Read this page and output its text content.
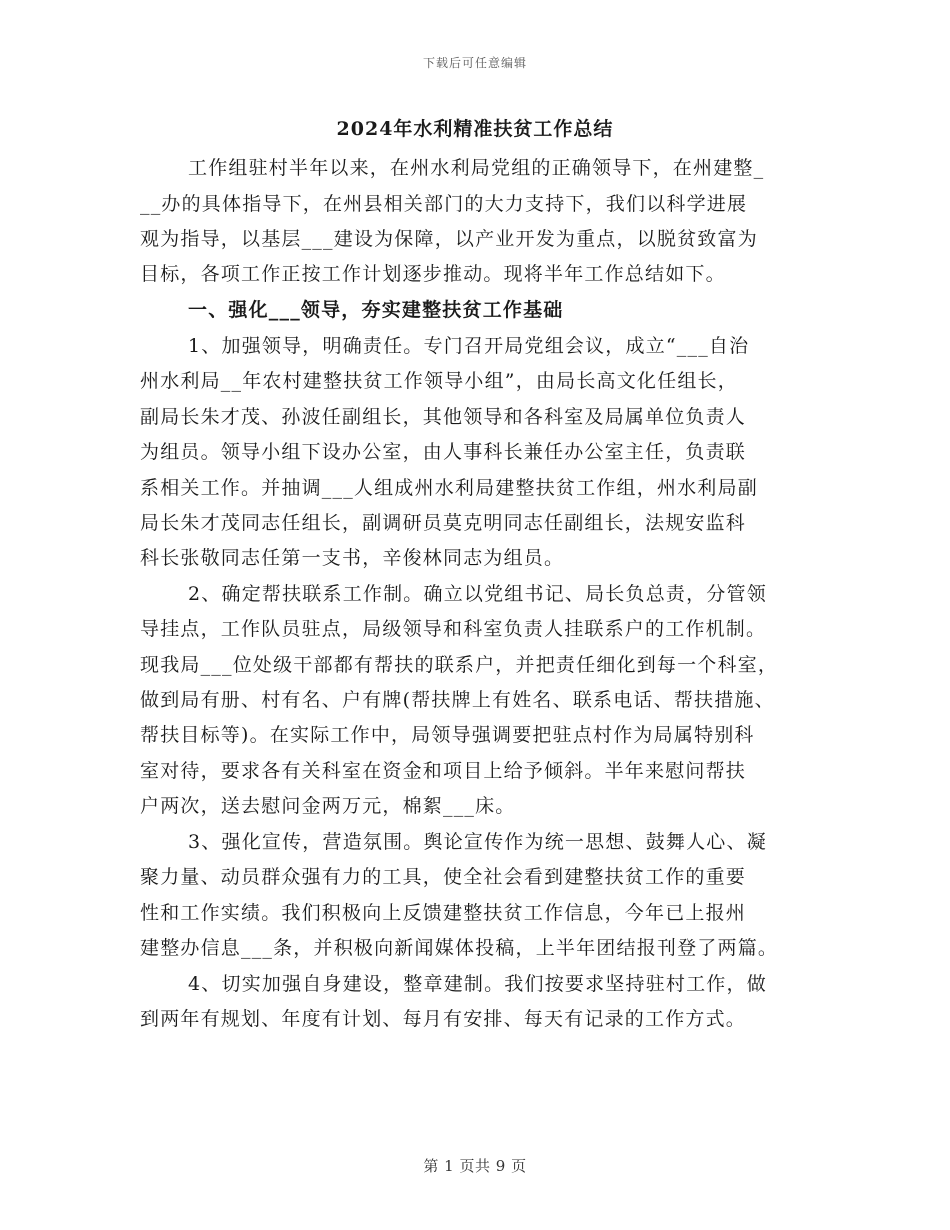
下载后可任意编辑
2024年水利精准扶贫工作总结
工作组驻村半年以来，在州水利局党组的正确领导下，在州建整_
__办的具体指导下，在州县相关部门的大力支持下，我们以科学进展
观为指导，以基层___建设为保障，以产业开发为重点，以脱贫致富为
目标，各项工作正按工作计划逐步推动。现将半年工作总结如下。
一、强化___领导，夯实建整扶贫工作基础
1、加强领导，明确责任。专门召开局党组会议，成立“___自治
州水利局__年农村建整扶贫工作领导小组”，由局长高文化任组长，
副局长朱才茂、孙波任副组长，其他领导和各科室及局属单位负责人
为组员。领导小组下设办公室，由人事科长兼任办公室主任，负责联
系相关工作。并抽调___人组成州水利局建整扶贫工作组，州水利局副
局长朱才茂同志任组长，副调研员莫克明同志任副组长，法规安监科
科长张敬同志任第一支书，辛俊林同志为组员。
2、确定帮扶联系工作制。确立以党组书记、局长负总责，分管领
导挂点，工作队员驻点，局级领导和科室负责人挂联系户的工作机制。
现我局___位处级干部都有帮扶的联系户，并把责任细化到每一个科室，
做到局有册、村有名、户有牌(帮扶牌上有姓名、联系电话、帮扶措施、
帮扶目标等)。在实际工作中，局领导强调要把驻点村作为局属特别科
室对待，要求各有关科室在资金和项目上给予倾斜。半年来慰问帮扶
户两次，送去慰问金两万元，棉絮___床。
3、强化宣传，营造氛围。舆论宣传作为统一思想、鼓舞人心、凝
聚力量、动员群众强有力的工具，使全社会看到建整扶贫工作的重要
性和工作实绩。我们积极向上反馈建整扶贫工作信息，今年已上报州
建整办信息___条，并积极向新闻媒体投稿，上半年团结报刊登了两篇。
4、切实加强自身建设，整章建制。我们按要求坚持驻村工作，做
到两年有规划、年度有计划、每月有安排、每天有记录的工作方式。
第 1 页共 9 页
